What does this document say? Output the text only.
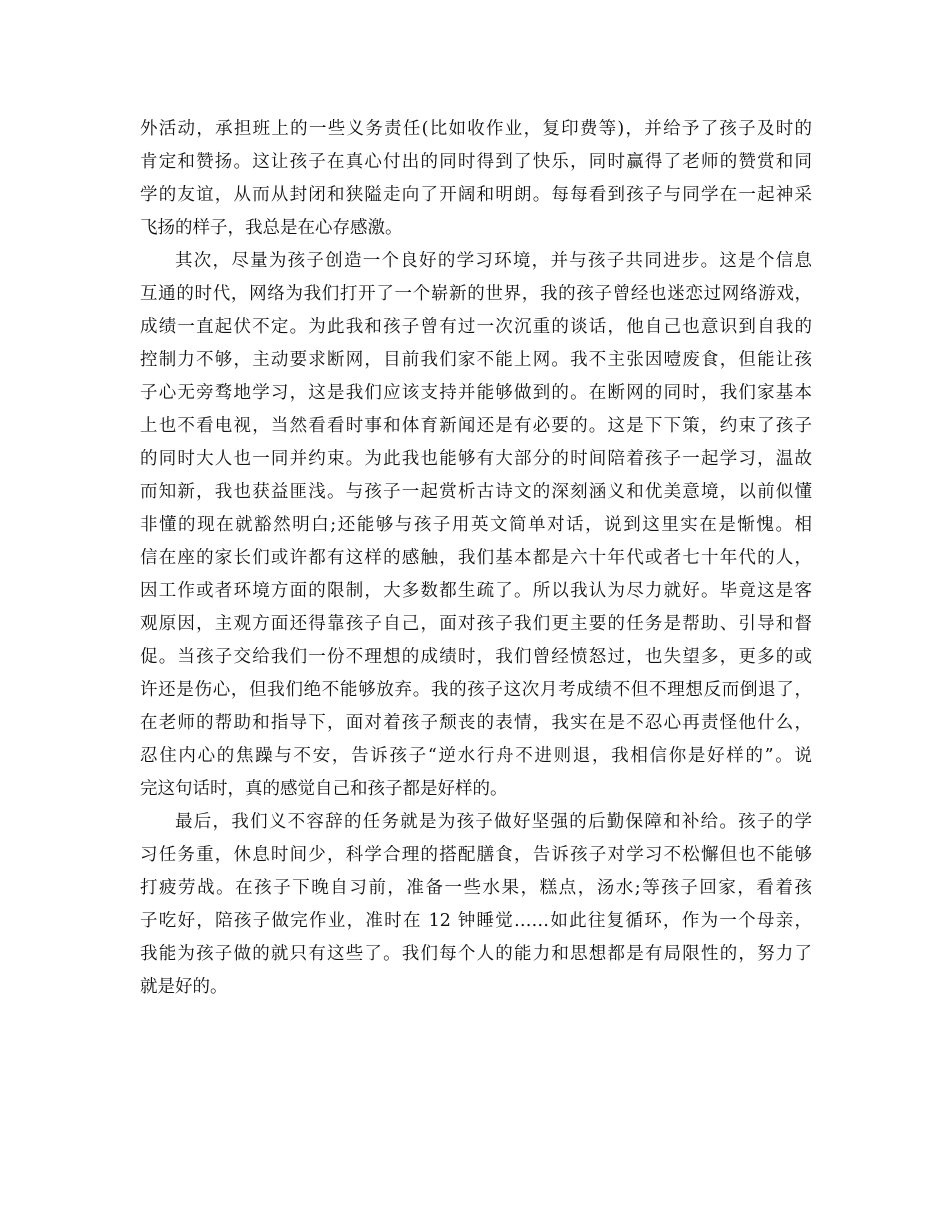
外活动，承担班上的一些义务责任(比如收作业，复印费等)，并给予了孩子及时的
肯定和赞扬。这让孩子在真心付出的同时得到了快乐，同时赢得了老师的赞赏和同
学的友谊，从而从封闭和狭隘走向了开阔和明朗。每每看到孩子与同学在一起神采
飞扬的样子，我总是在心存感激。
其次，尽量为孩子创造一个良好的学习环境，并与孩子共同进步。这是个信息
互通的时代，网络为我们打开了一个崭新的世界，我的孩子曾经也迷恋过网络游戏，
成绩一直起伏不定。为此我和孩子曾有过一次沉重的谈话，他自己也意识到自我的
控制力不够，主动要求断网，目前我们家不能上网。我不主张因噎废食，但能让孩
子心无旁骛地学习，这是我们应该支持并能够做到的。在断网的同时，我们家基本
上也不看电视，当然看看时事和体育新闻还是有必要的。这是下下策，约束了孩子
的同时大人也一同并约束。为此我也能够有大部分的时间陪着孩子一起学习，温故
而知新，我也获益匪浅。与孩子一起赏析古诗文的深刻涵义和优美意境，以前似懂
非懂的现在就豁然明白;还能够与孩子用英文简单对话，说到这里实在是惭愧。相
信在座的家长们或许都有这样的感触，我们基本都是六十年代或者七十年代的人，
因工作或者环境方面的限制，大多数都生疏了。所以我认为尽力就好。毕竟这是客
观原因，主观方面还得靠孩子自己，面对孩子我们更主要的任务是帮助、引导和督
促。当孩子交给我们一份不理想的成绩时，我们曾经愤怒过，也失望多，更多的或
许还是伤心，但我们绝不能够放弃。我的孩子这次月考成绩不但不理想反而倒退了，
在老师的帮助和指导下，面对着孩子颓丧的表情，我实在是不忍心再责怪他什么，
忍住内心的焦躁与不安，告诉孩子“逆水行舟不进则退，我相信你是好样的”。说
完这句话时，真的感觉自己和孩子都是好样的。
最后，我们义不容辞的任务就是为孩子做好坚强的后勤保障和补给。孩子的学
习任务重，休息时间少，科学合理的搭配膳食，告诉孩子对学习不松懈但也不能够
打疲劳战。在孩子下晚自习前，准备一些水果，糕点，汤水;等孩子回家，看着孩
子吃好，陪孩子做完作业，准时在 12 钟睡觉……如此往复循环，作为一个母亲，
我能为孩子做的就只有这些了。我们每个人的能力和思想都是有局限性的，努力了
就是好的。
